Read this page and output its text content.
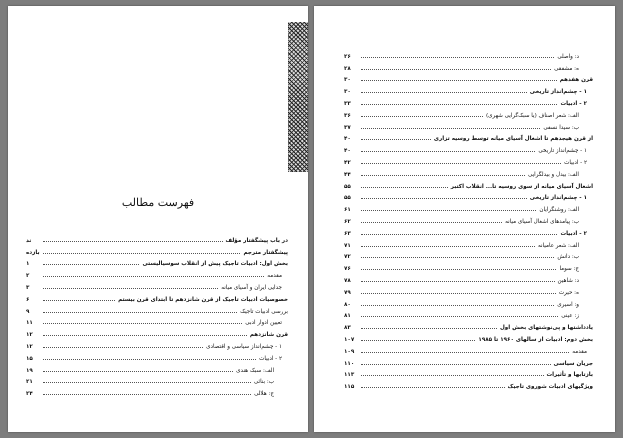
فهرست مطالب
در باب پیشگفتار مؤلف
ند
پیشگفتار مترجم
بازده
بخش اول: ادبیات تاجیک پیش از انقلاب سوسیالیستی
۱
مقدمه
۲
جدایی ایران و آسیای میانه
۳
خصوصیات ادبیات تاجیک از قرن شانزدهم تا ابتدای قرن بیستم
۶
بررسی ادبیات تاجیک
۹
تعیین ادوار ادبی
۱۱
قرن شانزدهم
۱۲
۱ - چشم‌انداز سیاسی و اقتصادی
۱۲
۲ - ادبیات
۱۵
الف: سبک هندی
۱۹
ب: بنائی
۲۱
ج: هلالی
۲۴
د: واصلی
۲۶
ه: مشفقی
۲۸
قرن هفدهم
۳۰
۱ - چشم‌انداز تاریخی
۳۰
۲ - ادبیات
۳۳
الف: شعر اصناف (یا سبک‌گرایی شهری)
۳۶
ب: سیدا نسفی
۳۷
از قرن هیجدهم تا اشغال آسیای میانه توسط روسیه تزاری
۴۰
۱ - چشم‌انداز تاریخی
۴۰
۲ - ادبیات
۴۲
الف: بیدل و بیدلگرایی
۴۴
اشغال آسیای میانه از سوی روسیه تا... انقلاب اکتبر
۵۵
۱ - چشم‌انداز تاریخی
۵۵
الف: روشنگرایان
۶۱
ب: پیامدهای اشغال آسیای میانه
۶۲
۲ - ادبیات
۶۳
الف: شعر عامیانه
۷۱
ب: دانش
۷۲
ج: سوما
۷۶
د: شاهین
۷۸
ه: حیرت
۷۹
و: اسیری
۸۰
ز: عینی
۸۱
یادداشتها و پی‌نوشتهای بخش اول
۸۳
بخش دوم: ادبیات از سالهای ۱۹۶۰ تا ۱۹۸۵
۱۰۷
مقدمه
۱۰۹
جریان سیاسی
۱۱۰
بازتابها و تأثیرات
۱۱۳
ویژگیهای ادبیات شوروی تاجیک
۱۱۵
